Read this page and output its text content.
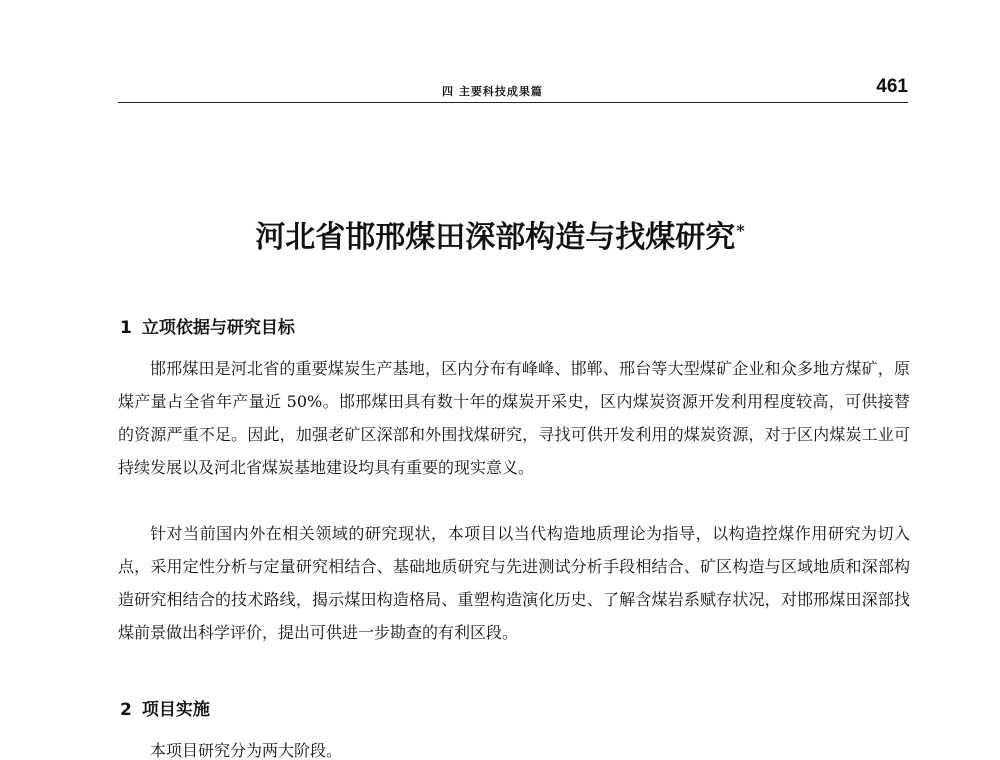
四 主要科技成果篇	461
河北省邯邢煤田深部构造与找煤研究*
1 立项依据与研究目标

邯邢煤田是河北省的重要煤炭生产基地，区内分布有峰峰、邯郸、邢台等大型煤矿企业和众多地方煤矿，原煤产量占全省年产量近 50%。邯邢煤田具有数十年的煤炭开采史，区内煤炭资源开发利用程度较高，可供接替的资源严重不足。因此，加强老矿区深部和外围找煤研究，寻找可供开发利用的煤炭资源，对于区内煤炭工业可持续发展以及河北省煤炭基地建设均具有重要的现实意义。

针对当前国内外在相关领域的研究现状，本项目以当代构造地质理论为指导，以构造控煤作用研究为切入点，采用定性分析与定量研究相结合、基础地质研究与先进测试分析手段相结合、矿区构造与区域地质和深部构造研究相结合的技术路线，揭示煤田构造格局、重塑构造演化历史、了解含煤岩系赋存状况，对邯邢煤田深部找煤前景做出科学评价，提出可供进一步勘查的有利区段。

2 项目实施

本项目研究分为两大阶段。
